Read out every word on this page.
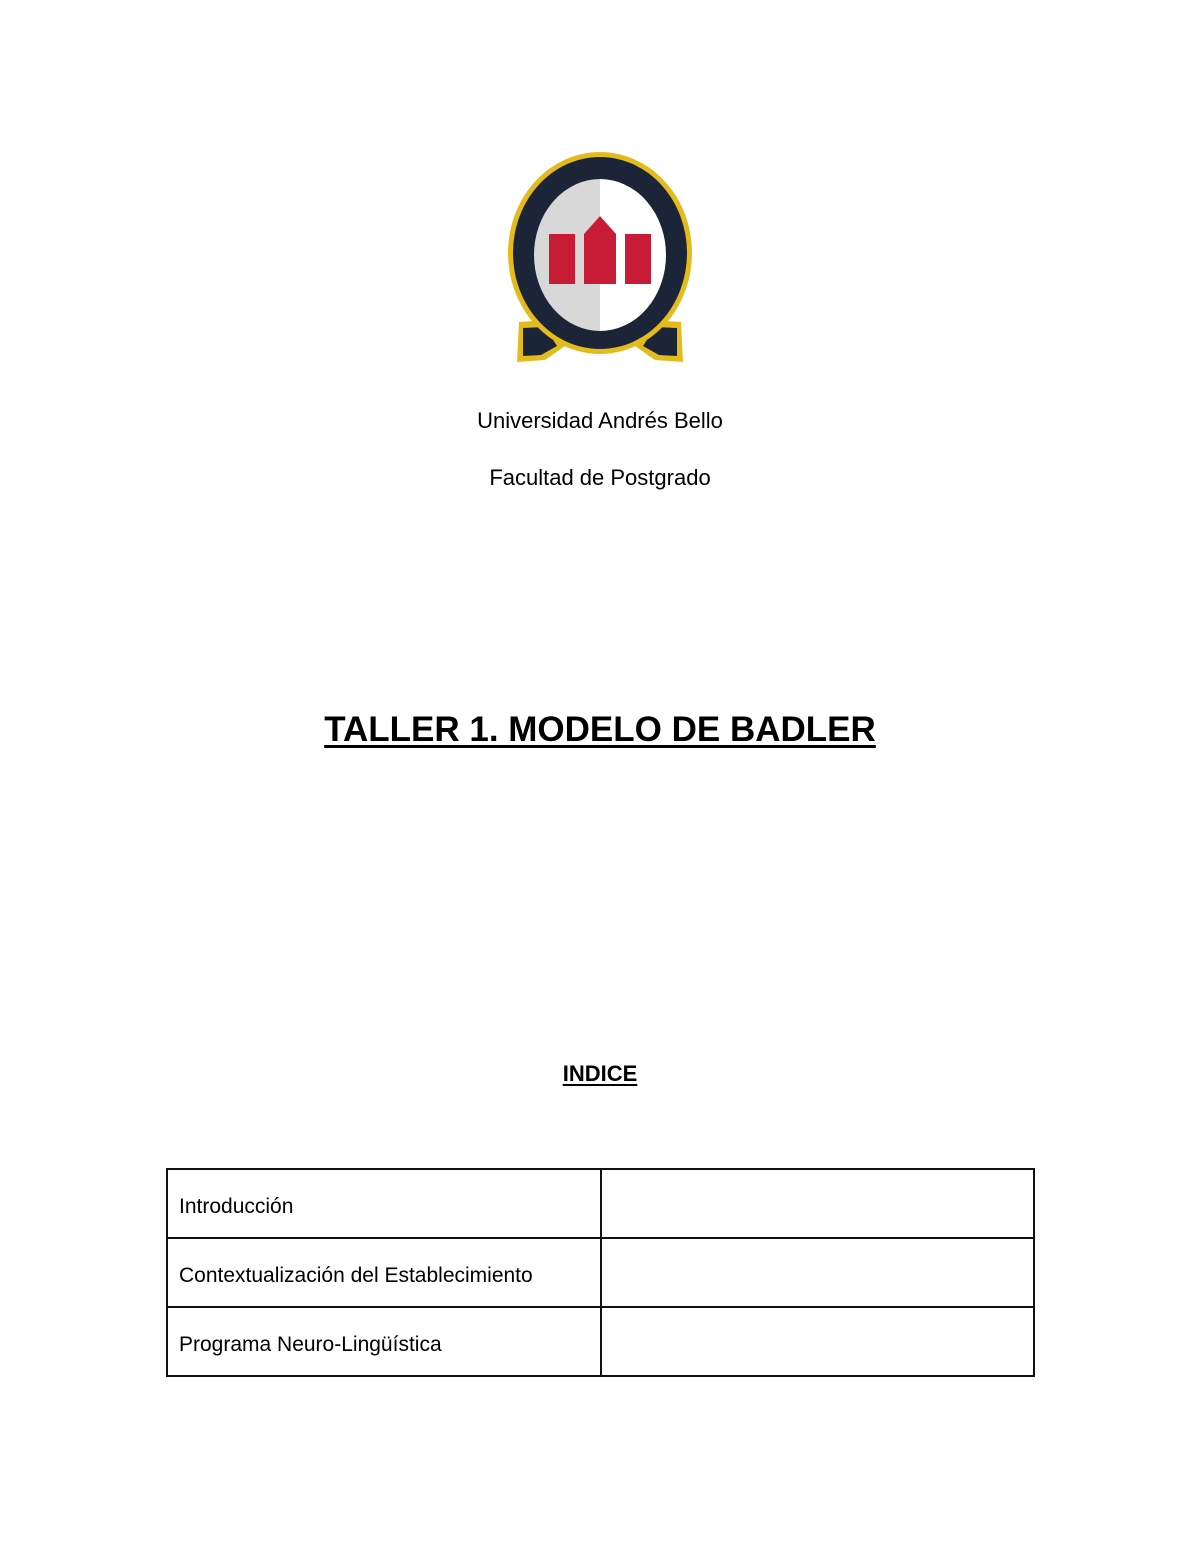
Universidad Andrés Bello
Facultad de Postgrado
TALLER 1. MODELO DE BADLER
INDICE
Introducción	
Contextualización del Establecimiento	
Programa Neuro-Lingüística	
